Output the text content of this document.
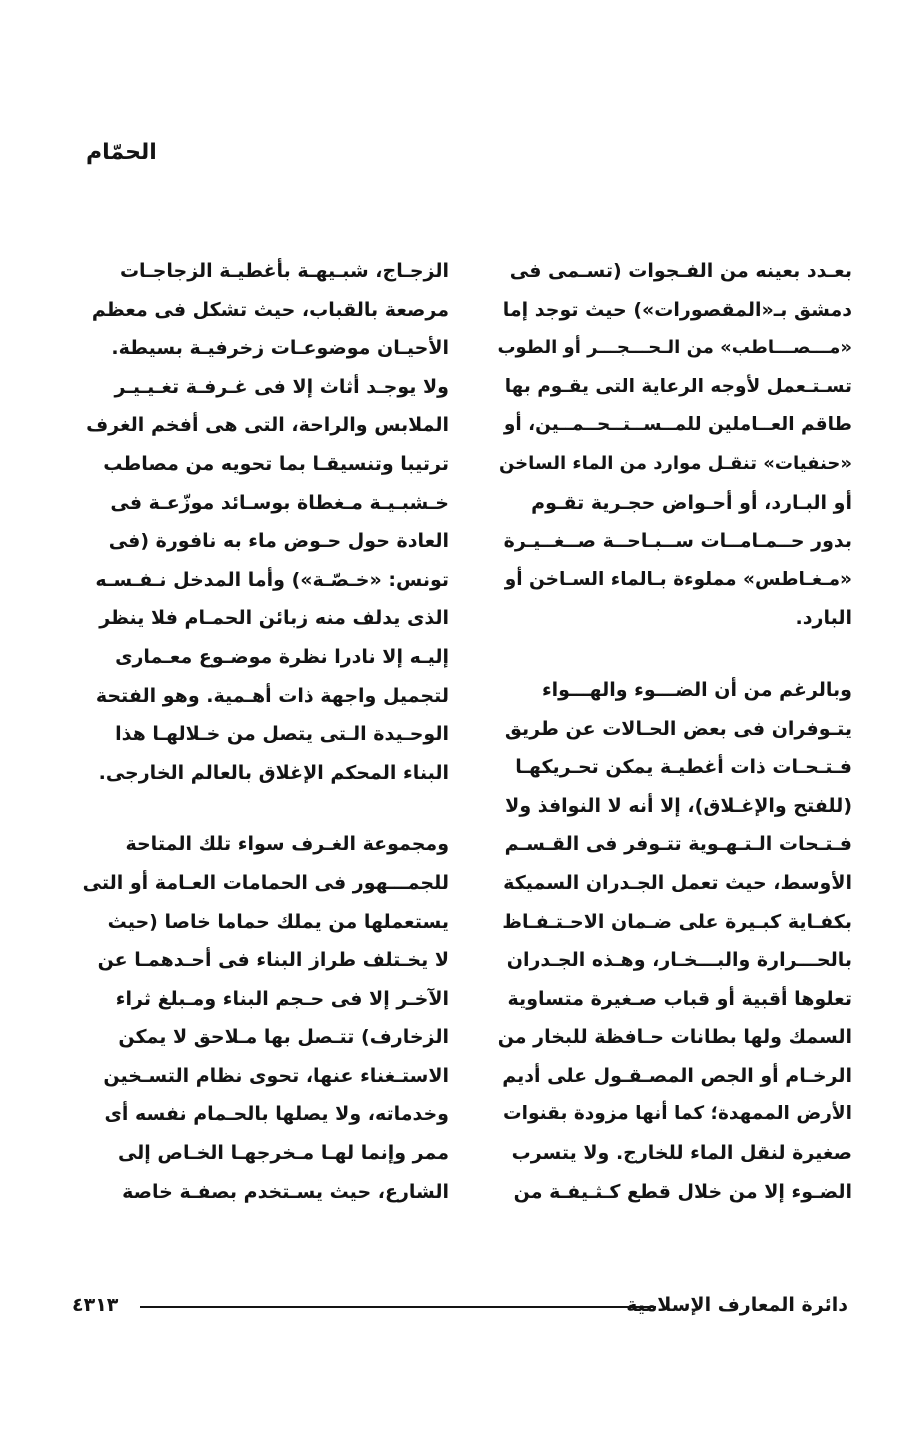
الحمّام
بعـدد بعينه من الفـجوات (تسـمى فى
دمشق بـ«المقصورات») حيث توجد إما
«مـــصـــاطب» من الـحـــجـــر أو الطوب
تسـتـعمل لأوجه الرعاية التى يقـوم بها
طاقم العــاملين للمــســتــحــمــين، أو
«حنفيات» تنقـل موارد من الماء الساخن
أو البـارد، أو أحـواض حجـرية تقـوم
بدور حــمـامــات ســبـاحــة صــغــيـرة
«مـغـاطس» مملوءة بـالماء السـاخن أو
البارد.
وبالرغم من أن الضـــوء والهـــواء
يتـوفران فى بعض الحـالات عن طريق
فـتـحـات ذات أغطيـة يمكن تحـريكهـا
(للفتح والإغـلاق)، إلا أنه لا النوافذ ولا
فـتـحات الـتـهـوية تتـوفر فى القـسـم
الأوسط، حيث تعمل الجـدران السميكة
بكفـاية كبـيرة على ضـمان الاحـتـفـاظ
بالحـــرارة والبـــخـار، وهـذه الجـدران
تعلوها أقبية أو قباب صـغيرة متساوية
السمك ولها بطانات حـافظة للبخار من
الرخـام أو الجص المصـقـول على أديم
الأرض الممهدة؛ كما أنها مزودة بقنوات
صغيرة لنقل الماء للخارج. ولا يتسرب
الضـوء إلا من خلال قطع كـثـيفـة من
الزجـاج، شبـيهـة بأغطيـة الزجاجـات
مرصعة بالقباب، حيث تشكل فى معظم
الأحيـان موضوعـات زخرفيـة بسيطة.
ولا يوجـد أثاث إلا فى غـرفـة تغـيـيـر
الملابس والراحة، التى هى أفخم الغرف
ترتيبا وتنسيقـا بما تحويه من مصاطب
خـشبـيـة مـغطاة بوسـائد موزّعـة فى
العادة حول حـوض ماء به نافورة (فى
تونس: «خـصّـة») وأما المدخل نـفـسـه
الذى يدلف منه زبائن الحمـام فلا ينظر
إليـه إلا نادرا نظرة موضـوع معـمارى
لتجميل واجهة ذات أهـمية. وهو الفتحة
الوحـيدة الـتى يتصل من خـلالهـا هذا
البناء المحكم الإغلاق بالعالم الخارجى.
ومجموعة الغـرف سواء تلك المتاحة
للجمـــهور فى الحمامات العـامة أو التى
يستعملها من يملك حماما خاصا (حيث
لا يخـتلف طراز البناء فى أحـدهمـا عن
الآخـر إلا فى حـجم البناء ومـبلغ ثراء
الزخارف) تتـصل بها مـلاحق لا يمكن
الاستـغناء عنها، تحوى نظام التسـخين
وخدماته، ولا يصلها بالحـمام نفسه أى
ممر وإنما لهـا مـخرجهـا الخـاص إلى
الشارع، حيث يسـتخدم بصفـة خاصة
دائرة المعارف الإسلامية
٤٣١٣
